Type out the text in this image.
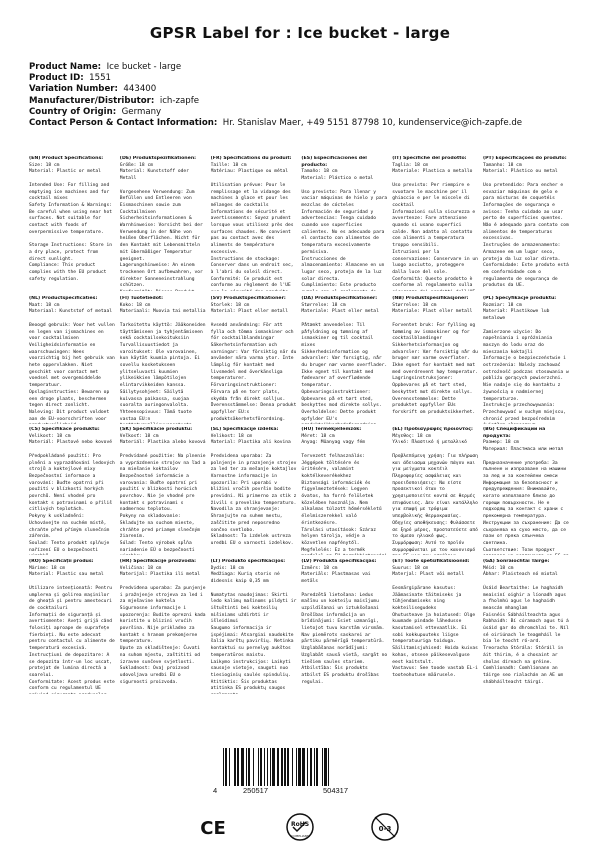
GPSR Label for : Ice bucket - large
Product Name: Ice bucket - large
Product ID: 1551
Variation Number: 443400
Manufacturer/Distributor: ich-zapfe
Country of Origin: Germany
Contact Person & Contact Information: Hr. Stanislav Maer, +49 5151 87798 10, kundenservice@ich-zapfe.de
(EN) Product Specifications:
Size: 18 cm
Material: Plastic or metal

Intended Use: For filling and emptying ice machines and for cocktail mixes
Safety Information & Warnings: Be careful when using near hot surfaces. Not suitable for contact with foods of overpermissive temperature.

Storage Instructions: Store in a dry place, protect from direct sunlight.
Compliance: This product complies with the EU product safety regulation.
(DE) Produktspezifikationen:
Größe: 18 cm
Material: Kunststoff oder Metall

Vorgesehene Verwendung: Zum Befüllen und Entleeren von Eismaschinen sowie zum Cocktailmixen
Sicherheitsinformationen & Warnhinweise: Vorsicht bei der Verwendung in der Nähe von heißen Oberflächen. Nicht für den Kontakt mit Lebensmitteln mit übermäßiger Temperatur geeignet.
Lagerungshinweise: An einem trockenen Ort aufbewahren, vor direkter Sonneneinstrahlung schützen.

(FR) Spécifications du produit:
Taille: 18 cm
Matériau: Plastique ou métal

Utilisation prévue: Pour le remplissage et la vidange des machines à glace et pour les mélanges de cocktails
Informations de sécurité et avertissements: Soyez prudent lorsque vous utilisez près des surfaces chaudes. Ne convient pas au contact avec des aliments de température excessive.
Instructions de stockage: Conserver dans un endroit sec, à l'abri du soleil direct.
Conformité: Ce produit est conforme au règlement de l'UE
(ES) Especificaciones del producto:
Tamaño: 18 cm
Material: Plástico o metal

Uso previsto: Para llenar y vaciar máquinas de hielo y para mezclas de cócteles
Información de seguridad y advertencias: Tenga cuidado cuando use superficies calientes. No es adecuado para el contacto con alimentos de temperatura excesivamente permisiva.
Instrucciones de almacenamiento: Almacene en un lugar seco, proteja de la luz solar directa.
Cumplimiento: Este producto
(IT) Specifiche del prodotto:
Taglia: 18 cm
Materiale: Plastica o metallo

Uso previsto: Per riempire e svuotare le macchine per il ghiaccio e per le miscele di cocktail
Informazioni sulla sicurezza e avvertenze: Fare attenzione quando si usano superfici calde. Non adatto al contatto con alimenti a temperatura troppo sensibili.
Istruzioni per la conservazione: Conservare in un luogo asciutto, proteggere dalla luce del sole.
Conformità: Questo prodotto è conforme al regolamento sulla
(PT) Especificações do produto:
Tamanho: 18 cm
Material: Plástico ou metal

Uso pretendido: Para encher e esvaziar máquinas de gelo e para misturas de coquetéis
Informações de segurança e avisos: Tenha cuidado ao usar perto de superfícies quentes. Não é adequado para contato com alimentos de temperaturas excessivas.
Instruções de armazenamento: Armazene em um lugar seco, proteja da luz solar direta.
Conformidade: Este produto está em conformidade com o regulamento de segurança de produtos da UE.
(NL) Productspecificaties:
Maat: 18 cm
Materiaal: Kunststof of metaal

Beoogd gebruik: Voor het vullen en legen van ijsmachines en voor cocktailmixen
Veiligheidsinformatie en waarschuwingen: Wees voorzichtig bij het gebruik van hete oppervlakken. Niet geschikt voor contact met voedsel met overgemiddelde temperatuur.
Opslaginstructies: Bewaren op een droge plaats, beschermen tegen direct zonlicht.
Naleving: Dit product voldoet aan de EU-voorschriften voor
(FI) Tuotetiedot:
Koko: 18 cm
Materiaali: Muovia tai metallia

Tarkoitettu käyttö: Jääkoneiden täyttämiseen ja tyhjentämiseen sekä cocktailsekoituksiin
Turvallisuustiedot ja varoitukset: Ole varovainen, kun käytät kuumia pintoja. Ei sovellu kosketukseen ylitseluvasti kuumien ylikeikkien lämpötilojen elintarvikkeiden kanssa.
Säilytysohjeet: Säilytä kuivassa paikassa, suojaa suoralta auringonvalolta.
Yhteensopivuus: Tämä tuote vastaa EU:n
(SV) Produktspecifikationer:
Storlek: 18 cm
Material: Plast eller metall

Avsedd användning: För att fylla och tömma ismaskiner och för cocktailblandningar
Säkerhetsinformation och varningar: Var försiktig när du använder nära varma ytor. Inte lämplig för kontakt med livsmedel med överkänsliga temperaturer.
Förvaringsinstruktioner: Förvara på en torr plats, skydda från direkt solljus.
Överensstämmelse: Denna produkt uppfyller EU:s produktsäkerhetsförordning.
(DA) Produktspecifikationer:
Størrelse: 18 cm
Materiale: Plast eller metal

Påtænkt anvendelse: Til påfyldning og tømning af ismaskiner og til cocktail mixes
Sikkerhedsinformation og advarsler: Vær forsigtig, når du bruger nær varme overflader. Ikke egnet til kontakt med fødevarer af overflødende temperatur.
Opbevaringsinstruktioner: Opbevares på et tørt sted, beskyttes mod direkte sollys.
Overholdelse: Dette produkt opfylder EU's
(NB) Produktspesifikasjoner:
Størrelse: 18 cm
Materiale: Plast eller metall

Forventet bruk: For fylling og tømming av ismaskiner og for cocktailblandinger
Sikkerhetsinformasjon og advarsler: Vær forsiktig når du bruger nær varme overflater. Ikke egnet for kontakt med mat med overdrevent høy temperatur.
Lagringsinstruksjoner: Oppbevares på et tørt sted, beskyttet mot direkte sollys.
Overensstemmelse: Dette produktet oppfyller EUs forskrift om produktsikkerhet.
(PL) Specyfikacje produktu:
Rozmiar: 18 cm
Materiał: Plastikowe lub metalowe

Zamierzone użycie: Do napełniania i opróżniania maszyn do lodu oraz do mieszania koktajli
Informacje o bezpieczeństwie i ostrzeżenia: Należy zachować ostrożność podczas stosowania w pobliżu gorących powierzchni. Nie nadaje się do kontaktu z żywnością o nadmiernej temperaturze.
Instrukcje przechowywania: Przechowywać w suchym miejscu, chronić przed bezpośrednim

(CS) Specifikace produktu:
Velikost: 18 cm
Materiál: Plastové nebo kovové

Předpokládané použití: Pro plnění a vyprazdňování ledových strojů a koktejlové mixy
Bezpečnostní informace a varování: Buďte opatrní při použití v blízkosti horkých povrchů. Není vhodné pro kontakt s potravinami o příliš citlivých teplotách.
Pokyny k uskladnění: Uchovávejte na suchém místě, chraňte před přímým slunečním zářením.
Soulad: Tento produkt splňuje nařízení EU o bezpečnosti
(SK) Špecifikácie produktu:
Veľkosť: 18 cm
Materiál: Plastika alebo kovová

Predvídané použitie: Na plnenie a vyprázdnenie strojov na ľad a na miešanie koktailov
Bezpečnostné informácie a varovania: Buďte opatrní pri použití v blízkosti horúcich povrchov. Nie je vhodné pre kontakt s potravinami s nadmernou teplotou.
Pokyny na skladovanie: Skladujte na suchom mieste, chráňte pred priamym slnečným žiarením.
Súlad: Tento výrobok spĺňa nariadenie EÚ o bezpečnosti
(SL) Specifikacije izdelka:
Velikost: 18 cm
Material: Plastika ali kovina

Predvidena uporaba: Za polnjenje in praznjenje strojev za led ter za mešanje koktajlov
Varnostne informacije in opozorila: Pri uporabi v bližini vročih površin bodite previdni. Ni primerno za stik z živili s preveliko temperaturo.
Navodila za shranjevanje: Shranjujte na suhem mestu, zaščitite pred neposredno sončno svetlobo.
Skladnost: Ta izdelek ustreza uredbi EU o varnosti izdelkov.
(HU) Termékjellemzők:
Méret: 18 cm
Anyag: Műanyag vagy fém

Tervezett felhasználás: Jéggépek töltésére és ürítésére, valamint koktélkeverékekhez
Biztonsági információk és figyelmeztetések: Legyen óvatos, ha forró felületek közelében használja. Nem alkalmas túlzott hőmérsékletű élelmiszerekkel való érintkezésre.
Tárolási utasítások: Száraz helyen tárolja, védje a közvetlen napfénytől.
Megfelelés: Ez a termék
(EL) Προδιαγραφές προϊόντος:
Μέγεθος: 18 cm
Υλικό: Πλαστικό ή μεταλλικό

Προβλεπόμενη χρήση: Για πλήρωση και άδειασμα μηχανών πάγου και για μείγματα κοκτέιλ
Πληροφορίες ασφάλειας και προειδοποιήσεις: Να είστε προσεκτικοί όταν το χρησιμοποιείτε κοντά σε θερμές επιφάνειες. Δεν είναι κατάλληλο για επαφή με τρόφιμα υπερβολικής θερμοκρασίας.
Οδηγίες αποθήκευσης: Φυλάσσετε σε ξηρό μέρος, προστατεύετε από το άμεσο ηλιακό φως.
Συμμόρφωση: Αυτό το προϊόν συμμορφώνεται με τον κανονισμό
(BG) Спецификации на продукта:
Размер: 18 cm
Материал: Пластмаса или метал

Предназначение употреба: За пълнене и изпразване на машини за лед и за коктейлни смеси
Информация за безопасност и предупреждения: Внимавайте, когато използвате близо до горещи повърхности. Не е подходящ за контакт с храни с прекомерна температура.
Инструкции за съхранение: Да се съхранява на сухо място, да се пази от пряка слънчева светлина.
Съответствие: Този продукт
(RO) Specificații produs:
Mărime: 18 cm
Material: Plastic sau metal

Utilizare intenționată: Pentru umplerea și golirea mașinilor de gheață și pentru amestecuri de cocktailuri
Informații de siguranță și avertismente: Aveți grijă când folosiți aproape de suprafețe fierbinți. Nu este adecvat pentru contactul cu alimente de temperatură excesivă.
Instrucțiuni de depozitare: A se depozita într-un loc uscat, protejat de lumina directă a soarelui.
Conformitate: Acest produs este conform cu regulamentul UE
(HR) Specifikacije proizvoda:
Veličina: 18 cm
Materijal: Plastika ili metal

Predviđena uporaba: Za punjenje i pražnjenje strojeva za led i za mješavine koktela
Sigurnosne informacije i upozorenja: Budite oprezni kada koristite u blizini vrućih površina. Nije prikladno za kontakt s hranom prekomjerne temperature.
Upute za skladištenje: Čuvati na suhom mjestu, zaštititi od izravne sunčeve svjetlosti.
Sukladnost: Ovaj proizvod udovoljava uredbi EU o sigurnosti proizvoda.
(LT) Produkto specifikacijos:
Dydis: 18 cm
Medžiaga: Kurią storis nė didesnis kaip 0,35 mm

Numatytas naudojimas: Skirti ledo kalimų mašinoms pildyti ir ištuštinti bei kokteilių mišiniams uždirbti ir išleidimui
Saugumo informacija ir įspėjimai: Atsargiai naudokite šalia karštų paviršių. Netinka kontaktui su pernelyg aukštos temperatūros maistu.
Laikymo instrukcijos: Laikyti sausoje vietoje, saugoti nuo tiesioginių saulės spindulių.
Atitiktis: Šis produktas atitinka ES produktų saugos
(LV) Produkta specifikācijas:
Izmērs: 18 cm
Materiāls: Plastmasas vai metāls

Paredzētā lietošana: Ledus mašīnu un kokteiļu maisījumu uzpildīšanai un iztukšošanai
Drošības informācija un brīdinājumi: Esiet uzmanīgi, lietojot tuvu karstām virsmām. Nav piemērots saskarei ar pārtiku pārmērīgā temperatūrā.
Uzglabāšanas norādījumi: Uzglabāt sausā vietā, sargāt no tiešiem saules stariem.
Atbilstība: Šis produkts atbilst ES produktu drošības regulai.
(ET) Toote spetsifikatsioonid:
Suurus: 18 cm
Materjal: Plast või metall

Eesmärgipärane kasutus: Jäämasinate täitmiseks ja tühjendamiseks ning kokteilisegudeks
Ohutusteave ja hoiatused: Olge kuumade pindade lähedusse kasutamisel ettevaatlik. Ei sobi kokkupuuteks liigse temperatuuriga toiduga.
Säilitamisjuhised: Hoida kuivas kohas, otsese päikesevalguse eest kaitstult.
Vastavus: See toode vastab EL-i tooteohutuse määrusele.
(GA) Sonraíochtaí Táirge:
Méid: 18 cm
Ábhar: Plaisteach nó miotal

Úsáid Beartaithe: Le haghaidh meaisíní oighir a líonadh agus a fholmhú agus le haghaidh meascán mhanglam
Faisnéis Sábháilteachta agus Rabhaidh: Bí cúramach agus tú á úsáid gar do dhromchlaí te. Níl sé oiriúnach le teagmháil le bia le teocht ró-ard.
Treoracha Stórála: Stóráil in áit thirim, é a chosaint ar sholas díreach na gréine.
Comhlíonadh: Comhlíonann an táirge seo rialachán an AE um shábháilteacht táirgí.
4	250517	504317
CE	RoHS
COMPLIANT
0-3
